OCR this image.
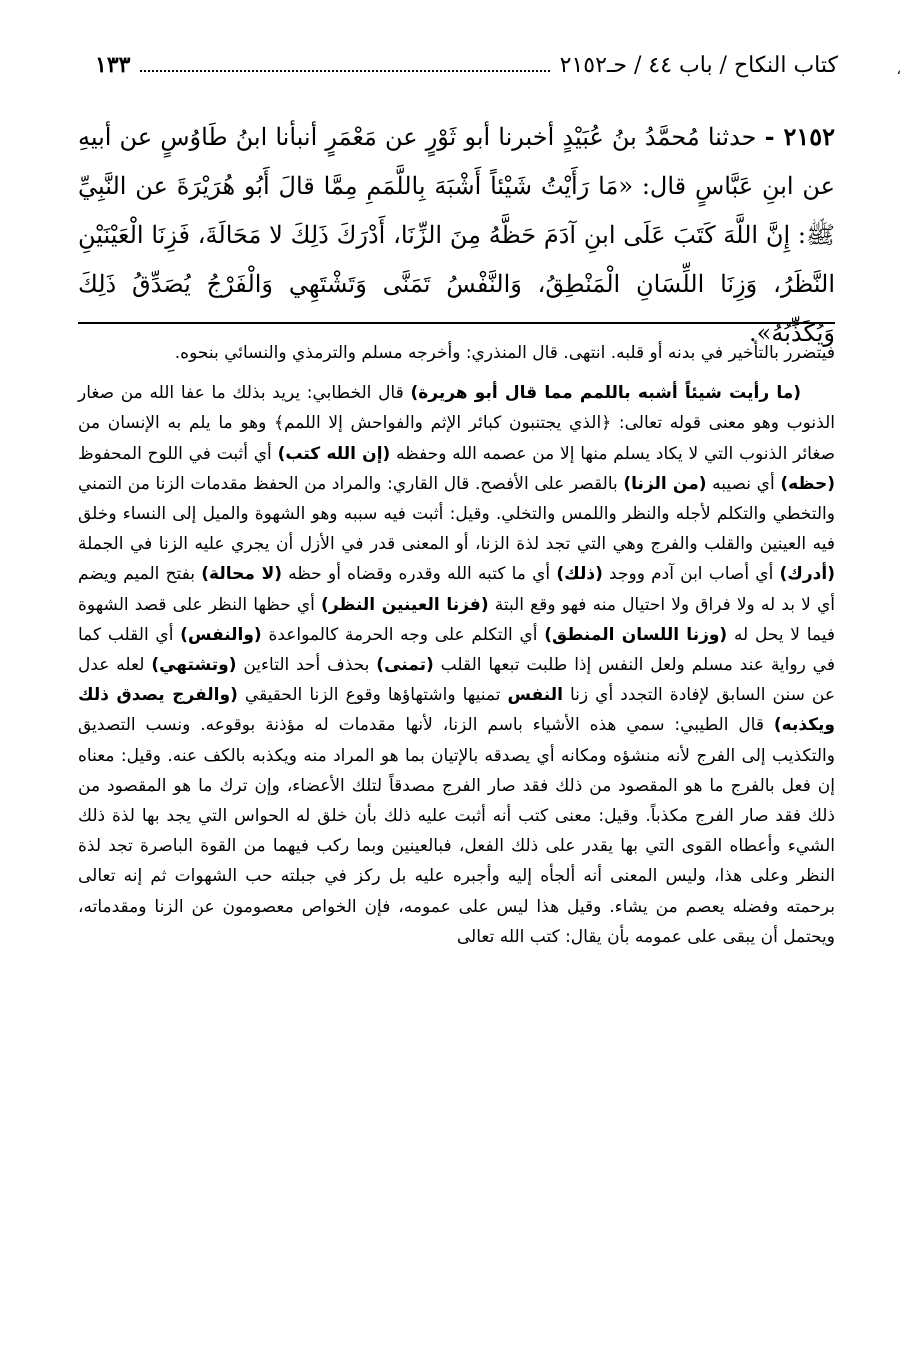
،
كتاب النكاح / باب ٤٤ / حـ٢١٥٢
١٣٣
٢١٥٢ - حدثنا مُحمَّدُ بنُ عُبَيْدٍ أخبرنا أبو ثَوْرٍ عن مَعْمَرٍ أنبأنا ابنُ طَاوُسٍ عن أبيهِ عن ابنِ عَبَّاسٍ قال: «مَا رَأَيْتُ شَيْئاً أَشْبَهَ بِاللَّمَمِ مِمَّا قالَ أَبُو هُرَيْرَةَ عن النَّبِيِّ ﷺ: إِنَّ اللَّهَ كَتَبَ عَلَى ابنِ آدَمَ حَظَّهُ مِنَ الزِّنَا، أَدْرَكَ ذَلِكَ لا مَحَالَةَ، فَزِنَا الْعَيْنَيْنِ النَّظَرُ، وَزِنَا اللِّسَانِ الْمَنْطِقُ، وَالنَّفْسُ تَمَنَّى وَتَشْتَهِي وَالْفَرْجُ يُصَدِّقُ ذَلِكَ وَيُكَذِّبُهُ».

فيتضرر بالتأخير في بدنه أو قلبه. انتهى. قال المنذري: وأخرجه مسلم والترمذي والنسائي بنحوه.

(ما رأيت شيئاً أشبه باللمم مما قال أبو هريرة) قال الخطابي: يريد بذلك ما عفا الله من صغار الذنوب وهو معنى قوله تعالى: ﴿الذي يجتنبون كبائر الإثم والفواحش إلا اللمم﴾ وهو ما يلم به الإنسان من صغائر الذنوب التي لا يكاد يسلم منها إلا من عصمه الله وحفظه (إن الله كتب) أي أثبت في اللوح المحفوظ (حظه) أي نصيبه (من الزنا) بالقصر على الأفصح. قال القاري: والمراد من الحفظ مقدمات الزنا من التمني والتخطي والتكلم لأجله والنظر واللمس والتخلي. وقيل: أثبت فيه سببه وهو الشهوة والميل إلى النساء وخلق فيه العينين والقلب والفرج وهي التي تجد لذة الزنا، أو المعنى قدر في الأزل أن يجري عليه الزنا في الجملة (أدرك) أي أصاب ابن آدم ووجد (ذلك) أي ما كتبه الله وقدره وقضاه أو حظه (لا محالة) بفتح الميم ويضم أي لا بد له ولا فراق ولا احتيال منه فهو وقع البتة (فزنا العينين النظر) أي حظها النظر على قصد الشهوة فيما لا يحل له (وزنا اللسان المنطق) أي التكلم على وجه الحرمة كالمواعدة (والنفس) أي القلب كما في رواية عند مسلم ولعل النفس إذا طلبت تبعها القلب (تمنى) بحذف أحد التاءين (وتشتهي) لعله عدل عن سنن السابق لإفادة التجدد أي زنا النفس تمنيها واشتهاؤها وقوع الزنا الحقيقي (والفرج يصدق ذلك ويكذبه) قال الطيبي: سمي هذه الأشياء باسم الزنا، لأنها مقدمات له مؤذنة بوقوعه. ونسب التصديق والتكذيب إلى الفرج لأنه منشؤه ومكانه أي يصدقه بالإتيان بما هو المراد منه ويكذبه بالكف عنه. وقيل: معناه إن فعل بالفرج ما هو المقصود من ذلك فقد صار الفرج مصدقاً لتلك الأعضاء، وإن ترك ما هو المقصود من ذلك فقد صار الفرج مكذباً. وقيل: معنى كتب أنه أثبت عليه ذلك بأن خلق له الحواس التي يجد بها لذة ذلك الشيء وأعطاه القوى التي بها يقدر على ذلك الفعل، فبالعينين وبما ركب فيهما من القوة الباصرة تجد لذة النظر وعلى هذا، وليس المعنى أنه ألجأه إليه وأجبره عليه بل ركز في جبلته حب الشهوات ثم إنه تعالى برحمته وفضله يعصم من يشاء. وقيل هذا ليس على عمومه، فإن الخواص معصومون عن الزنا ومقدماته، ويحتمل أن يبقى على عمومه بأن يقال: كتب الله تعالى
